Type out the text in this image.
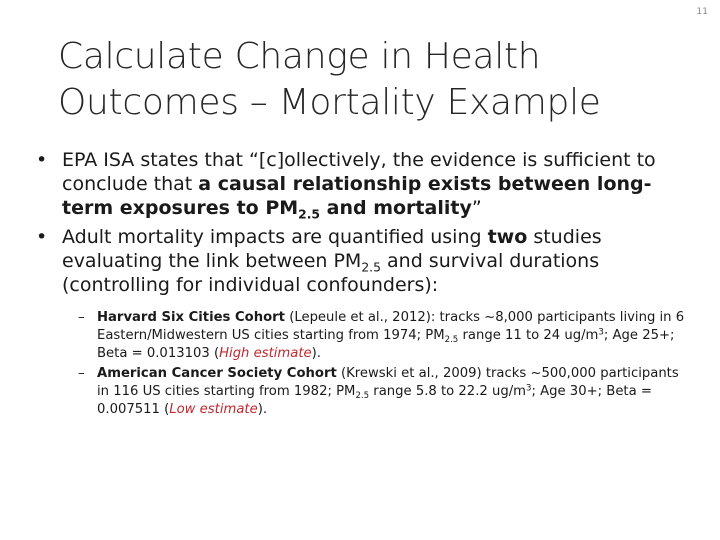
11
Calculate Change in Health
Outcomes – Mortality Example
• EPA ISA states that “[c]ollectively, the evidence is sufficient to conclude that a causal relationship exists between long-term exposures to $PM_{2.5}$ and mortality”
• Adult mortality impacts are quantified using two studies evaluating the link between $PM_{2.5}$ and survival durations (controlling for individual confounders):
– Harvard Six Cities Cohort (Lepeule et al., 2012): tracks ~8,000 participants living in 6 Eastern/Midwestern US cities starting from 1974; $PM_{2.5}$ range 11 to 24 $ug/m^3$; Age 25+; Beta = 0.013103 (High estimate).
– American Cancer Society Cohort (Krewski et al., 2009) tracks ~500,000 participants in 116 US cities starting from 1982; $PM_{2.5}$ range 5.8 to 22.2 $ug/m^3$; Age 30+; Beta = 0.007511 (Low estimate).
